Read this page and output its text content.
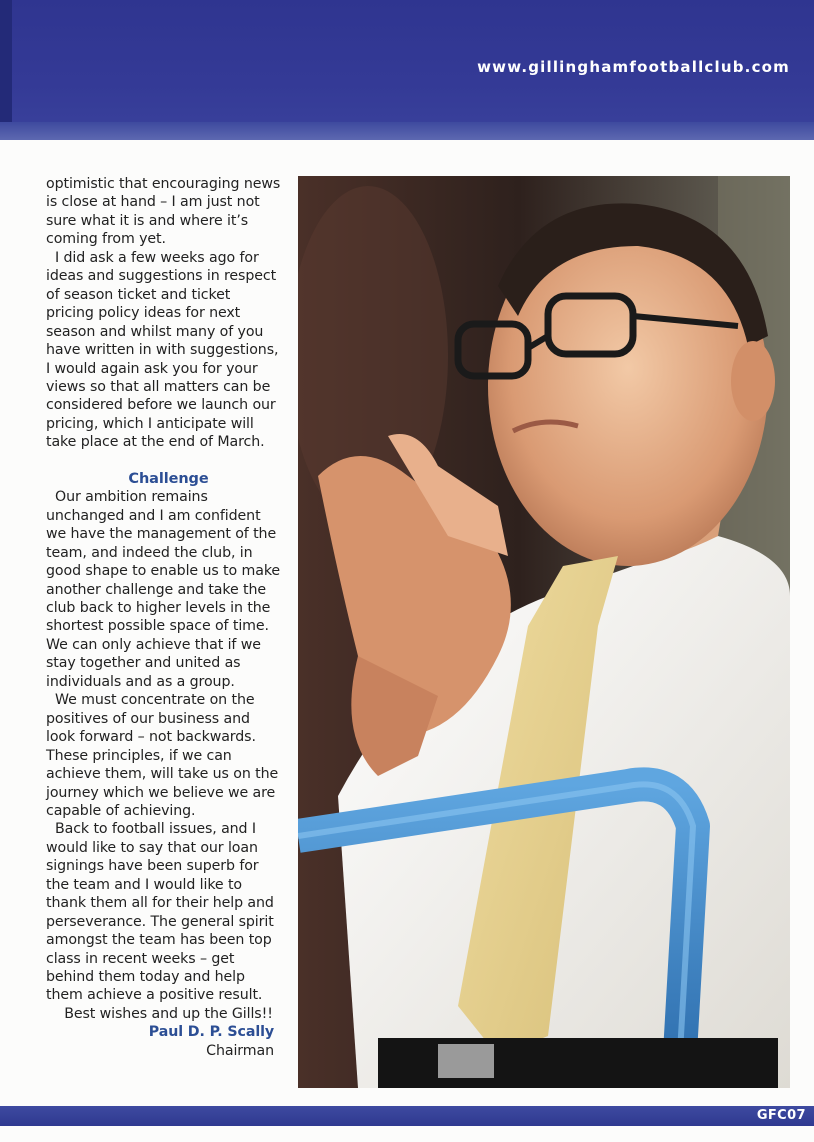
www.gillinghamfootballclub.com

optimistic that encouraging news is close at hand – I am just not sure what it is and where it’s coming from yet.

I did ask a few weeks ago for ideas and suggestions in respect of season ticket and ticket pricing policy ideas for next season and whilst many of you have written in with suggestions, I would again ask you for your views so that all matters can be considered before we launch our pricing, which I anticipate will take place at the end of March.

Challenge

Our ambition remains unchanged and I am confident we have the management of the team, and indeed the club, in good shape to enable us to make another challenge and take the club back to higher levels in the shortest possible space of time. We can only achieve that if we stay together and united as individuals and as a group.

We must concentrate on the positives of our business and look forward – not backwards. These principles, if we can achieve them, will take us on the journey which we believe we are capable of achieving.

Back to football issues, and I would like to say that our loan signings have been superb for the team and I would like to thank them all for their help and perseverance. The general spirit amongst the team has been top class in recent weeks – get behind them today and help them achieve a positive result.

Best wishes and up the Gills!!

Paul D. P. Scally

Chairman

GFC07
